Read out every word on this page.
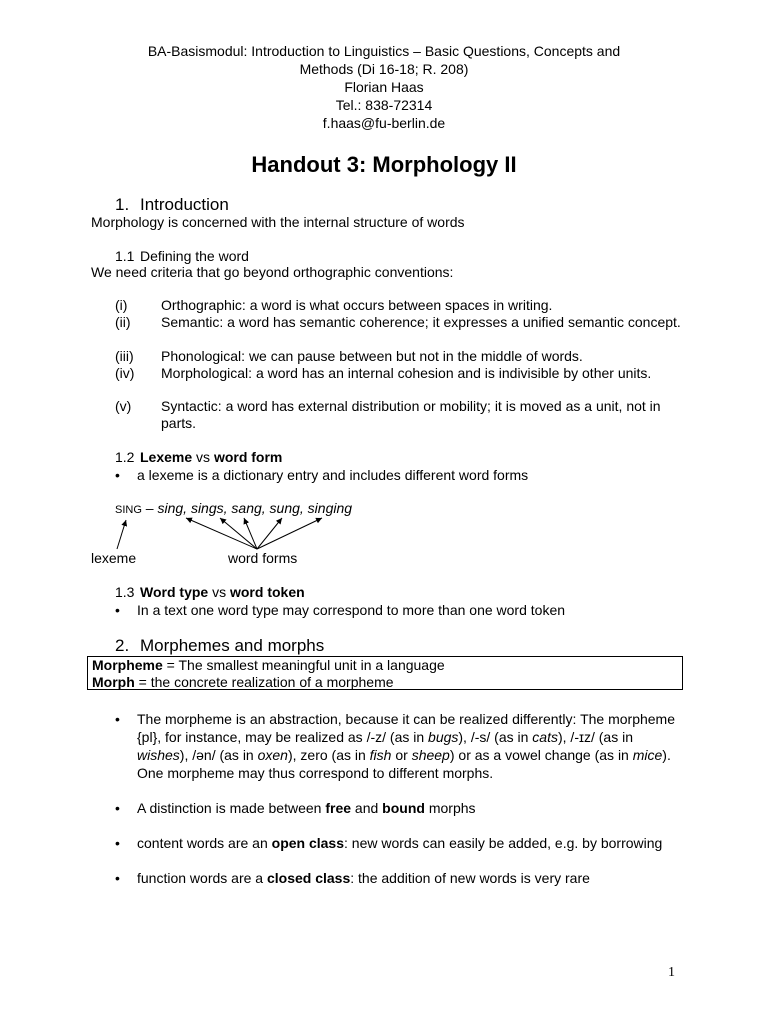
BA-Basismodul: Introduction to Linguistics – Basic Questions, Concepts and
Methods (Di 16-18; R. 208)
Florian Haas
Tel.: 838-72314
f.haas@fu-berlin.de
Handout 3: Morphology II
1. Introduction
Morphology is concerned with the internal structure of words
1.1 Defining the word
We need criteria that go beyond orthographic conventions:
(i) Orthographic: a word is what occurs between spaces in writing.
(ii) Semantic: a word has semantic coherence; it expresses a unified semantic concept.
(iii) Phonological: we can pause between but not in the middle of words.
(iv) Morphological: a word has an internal cohesion and is indivisible by other units.
(v) Syntactic: a word has external distribution or mobility; it is moved as a unit, not in parts.
1.2 Lexeme vs word form
• a lexeme is a dictionary entry and includes different word forms
SING – sing, sings, sang, sung, singing
lexeme	word forms
1.3 Word type vs word token
• In a text one word type may correspond to more than one word token
2. Morphemes and morphs
Morpheme = The smallest meaningful unit in a language
Morph = the concrete realization of a morpheme
• The morpheme is an abstraction, because it can be realized differently: The morpheme {pl}, for instance, may be realized as /-z/ (as in bugs), /-s/ (as in cats), /-ɪz/ (as in wishes), /ən/ (as in oxen), zero (as in fish or sheep) or as a vowel change (as in mice). One morpheme may thus correspond to different morphs.
• A distinction is made between free and bound morphs
• content words are an open class: new words can easily be added, e.g. by borrowing
• function words are a closed class: the addition of new words is very rare
1
